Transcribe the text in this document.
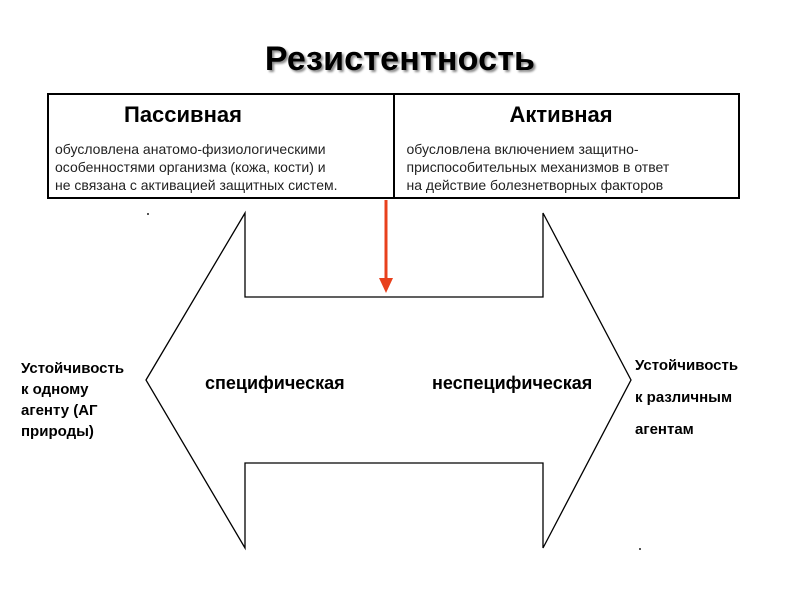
Резистентность
Пассивная
обусловлена анатомо-физиологическими
особенностями организма (кожа, кости) и
не связана с активацией защитных систем.
Активная
обусловлена включением защитно-
приспособительных механизмов в ответ
на действие болезнетворных факторов
специфическая	неспецифическая
Устойчивость
к одному
агенту (АГ
природы)
Устойчивость
к различным
агентам
